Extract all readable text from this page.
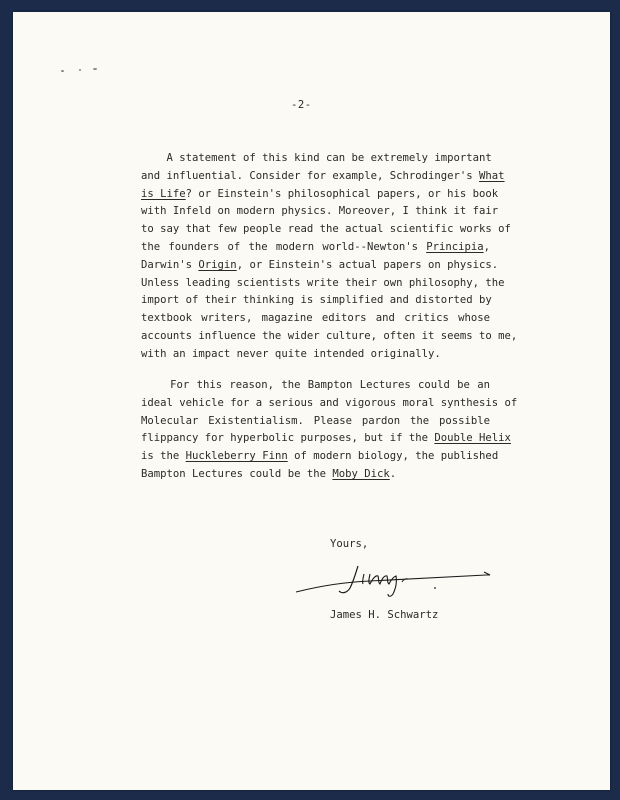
-2-
A statement of this kind can be extremely important
and influential. Consider for example, Schrodinger's What
is Life? or Einstein's philosophical papers, or his book
with Infeld on modern physics. Moreover, I think it fair
to say that few people read the actual scientific works of
the founders of the modern world--Newton's Principia,
Darwin's Origin, or Einstein's actual papers on physics.
Unless leading scientists write their own philosophy, the
import of their thinking is simplified and distorted by
textbook writers, magazine editors and critics whose
accounts influence the wider culture, often it seems to me,
with an impact never quite intended originally.
For this reason, the Bampton Lectures could be an
ideal vehicle for a serious and vigorous moral synthesis of
Molecular Existentialism. Please pardon the possible
flippancy for hyperbolic purposes, but if the Double Helix
is the Huckleberry Finn of modern biology, the published
Bampton Lectures could be the Moby Dick.
Yours,
James H. Schwartz
